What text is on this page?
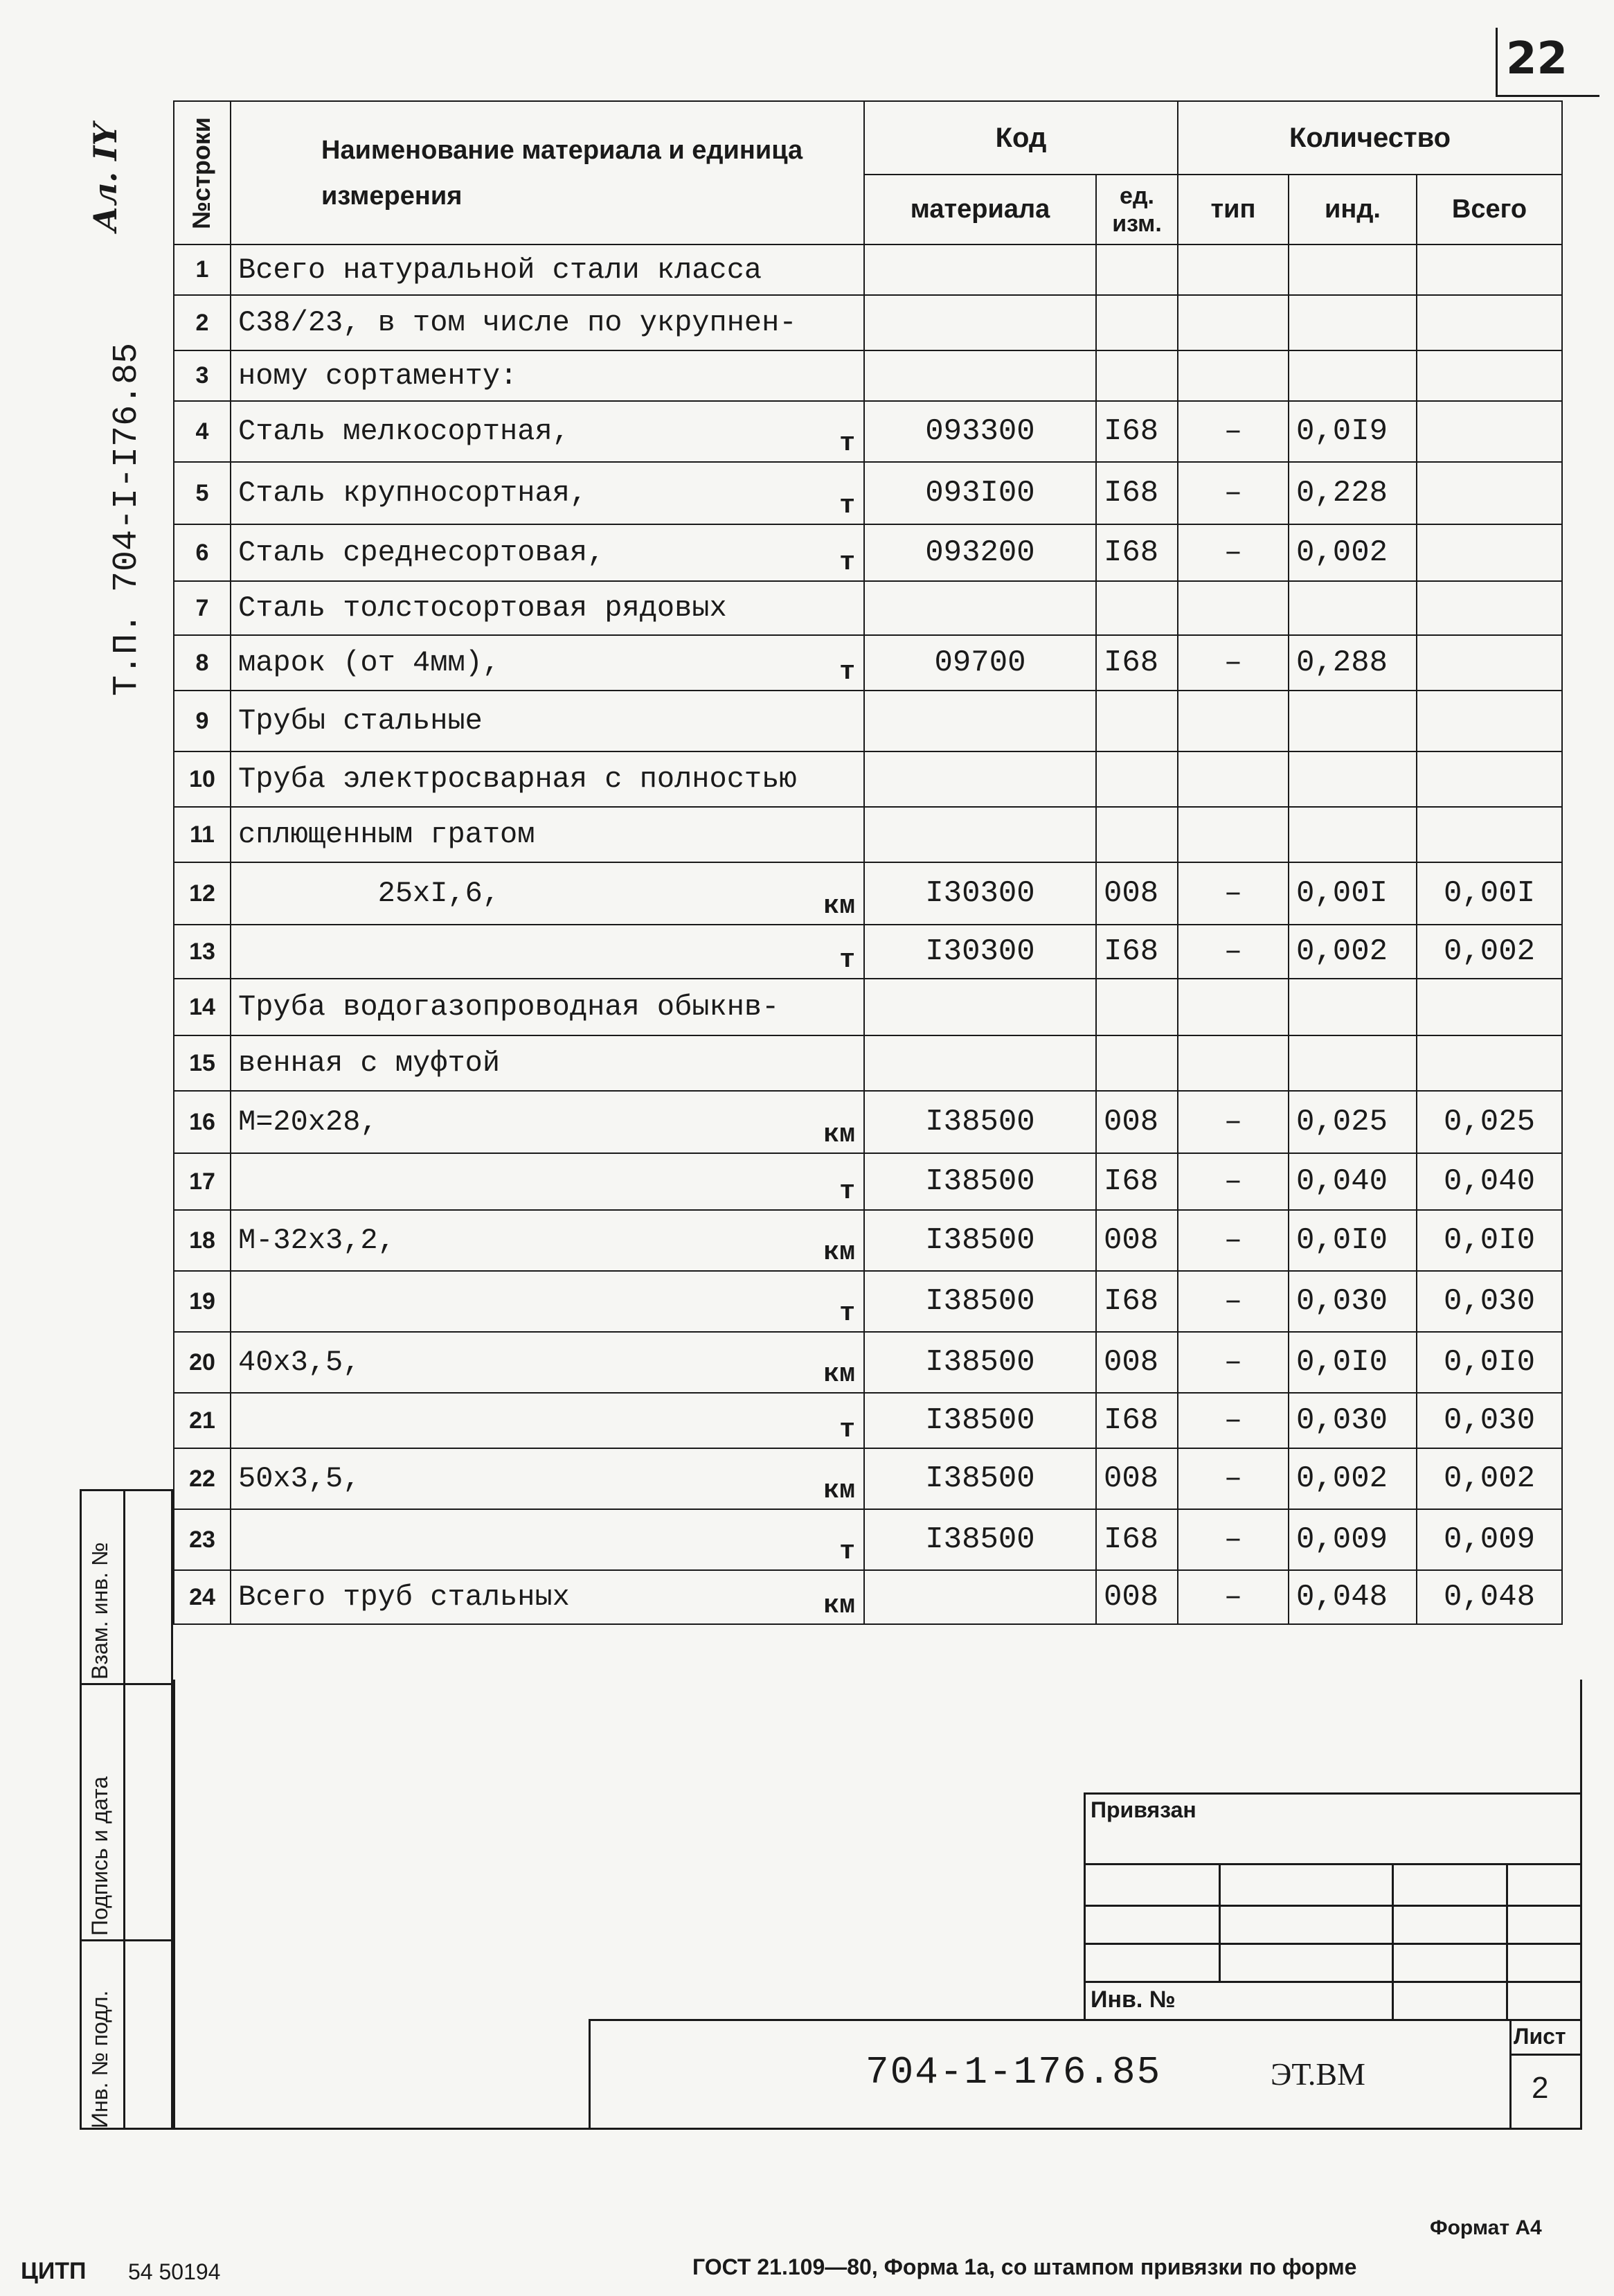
22
Ал. IY
Т.П. 704-I-I76.85
№строки	Наименование материала и единица измерения	Код		Количество		
		материала	ед. изм.	тип	инд.	Всего
1	Всего натуральной стали класса

2	С38/23, в том числе по укрупнен-

3	ному сортаменту:

4	Сталь мелкосортная, т	093300	I68	–	0,0I9	
5	Сталь крупносортная, т	093I00	I68	–	0,228	
6	Сталь среднесортовая, т	093200	I68	–	0,002	
7	Сталь толстосортовая рядовых

8	марок (от 4мм), т	09700	I68	–	0,288	
9	Трубы стальные

10	Труба электросварная с полностью

11	сплющенным гратом

12	25хI,6, км	I30300	008	–	0,00I	0,00I
13	т	I30300	I68	–	0,002	0,002
14	Труба водогазопроводная обыкнв-

15	венная с муфтой

16	М=20х28, км	I38500	008	–	0,025	0,025
17	т	I38500	I68	–	0,040	0,040
18	М-32х3,2, км	I38500	008	–	0,0I0	0,0I0
19	т	I38500	I68	–	0,030	0,030
20	40х3,5, км	I38500	008	–	0,0I0	0,0I0
21	т	I38500	I68	–	0,030	0,030
22	50х3,5, км	I38500	008	–	0,002	0,002
23	т	I38500	I68	–	0,009	0,009
24	Всего труб стальных км		008	–	0,048	0,048
Взам. инв. №
Подпись и дата
Инв. № подл.
Привязан
Инв. №
704-1-176.85	ЭТ.ВМ
Лист
2
Формат А4
ЦИТП 54 50194	ГОСТ 21.109—80, Форма 1а, со штампом привязки по форме
